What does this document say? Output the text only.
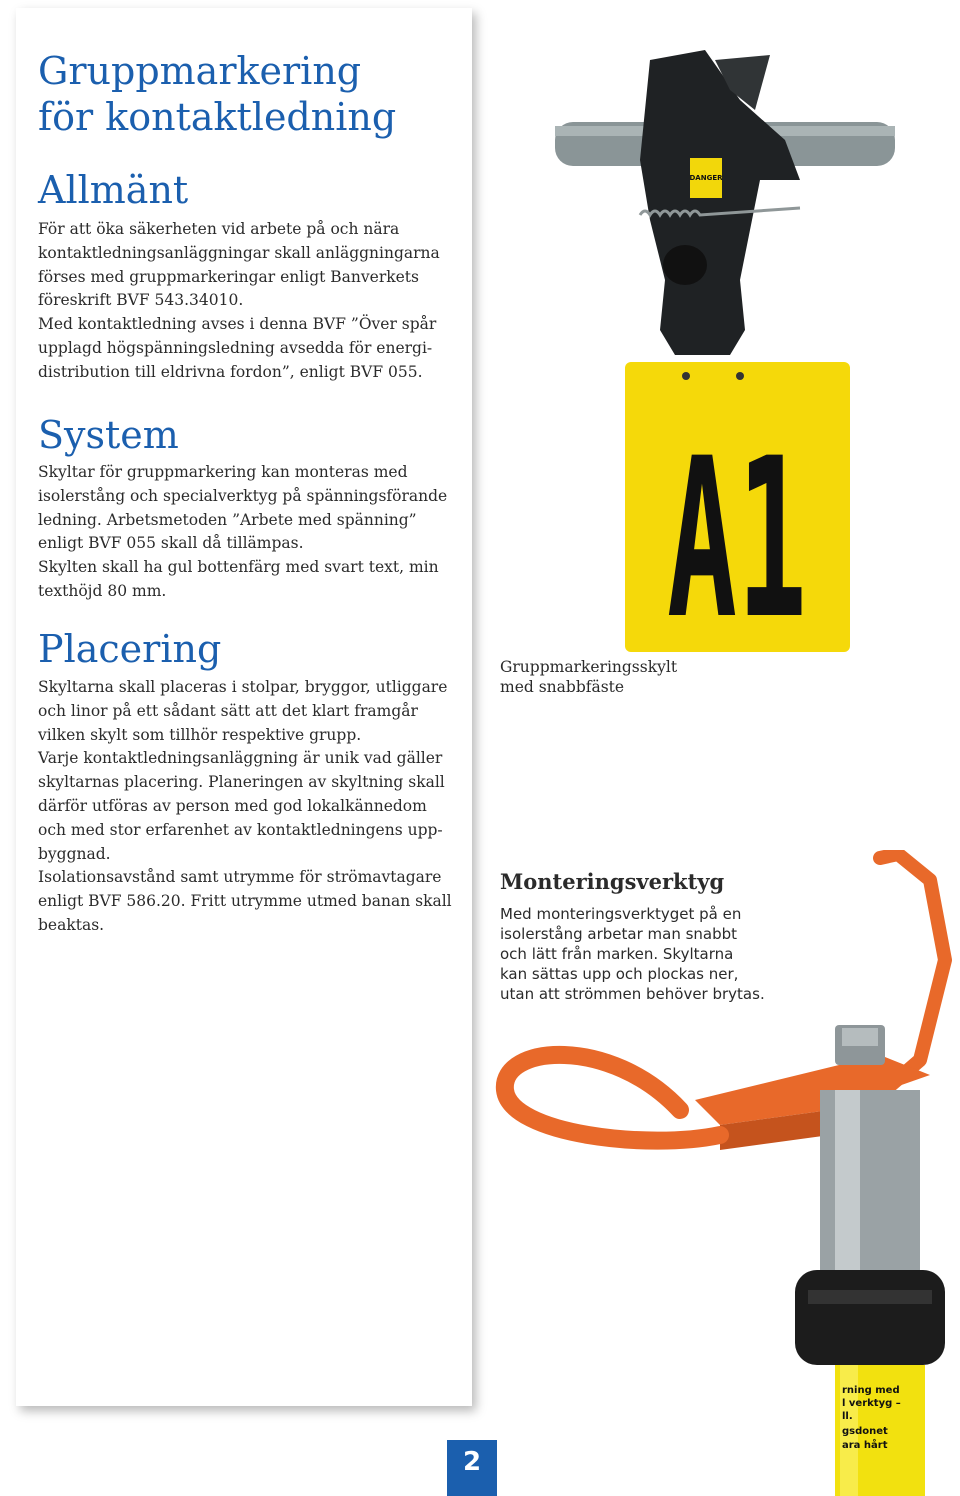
Gruppmarkering
för kontaktledning
Allmänt

För att öka säkerheten vid arbete på och nära kontaktledningsanläggningar skall anläggningarna förses med gruppmarkeringar enligt Banverkets föreskrift BVF 543.34010.

Med kontaktledning avses i denna BVF ”Över spår upplagd högspänningsledning avsedda för energi-distribution till eldrivna fordon”, enligt BVF 055.

System

Skyltar för gruppmarkering kan monteras med isolerstång och specialverktyg på spänningsförande ledning. Arbetsmetoden ”Arbete med spänning” enligt BVF 055 skall då tillämpas.

Skylten skall ha gul bottenfärg med svart text, min texthöjd 80 mm.

Placering

Skyltarna skall placeras i stolpar, bryggor, utliggare och linor på ett sådant sätt att det klart framgår vilken skylt som tillhör respektive grupp.

Varje kontaktledningsanläggning är unik vad gäller skyltarnas placering. Planeringen av skyltning skall därför utföras av person med god lokalkännedom och med stor erfarenhet av kontaktledningens upp-byggnad.

Isolationsavstånd samt utrymme för strömavtagare enligt BVF 586.20. Fritt utrymme utmed banan skall beaktas.

DANGER
A1
Gruppmarkeringsskylt
med snabbfäste
Monteringsverktyg
Med monteringsverktyget på en
isolerstång arbetar man snabbt
och lätt från marken. Skyltarna
kan sättas upp och plockas ner,
utan att strömmen behöver brytas.
rning med
l verktyg –
ll.
gsdonet
ara hårt
2
